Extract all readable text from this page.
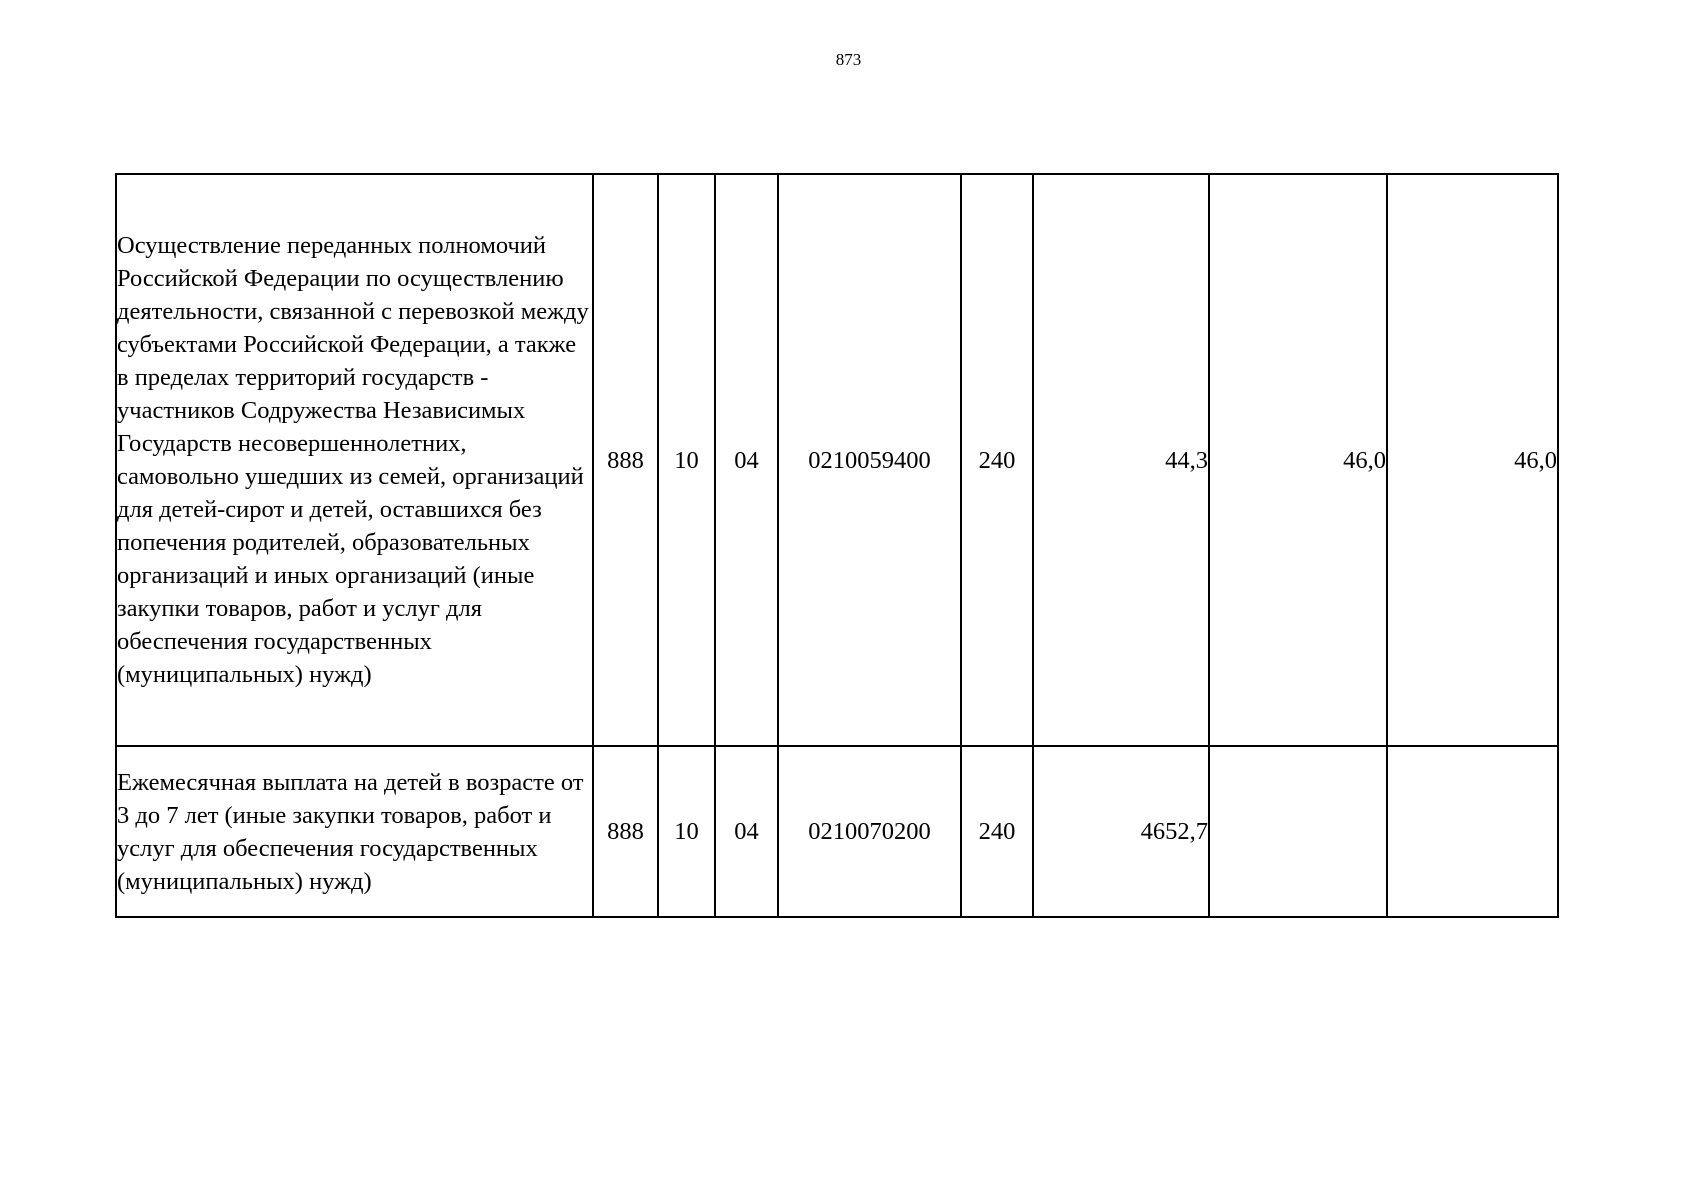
873
Осуществление переданных полномочий Российской Федерации по осуществлению деятельности, связанной с перевозкой между субъектами Российской Федерации, а также в пределах территорий государств - участников Содружества Независимых Государств несовершеннолетних, самовольно ушедших из семей, организаций для детей-сирот и детей, оставшихся без попечения родителей, образовательных организаций и иных организаций (иные закупки товаров, работ и услуг для обеспечения государственных (муниципальных) нужд)	888	10	04	0210059400	240	44,3	46,0	46,0
Ежемесячная выплата на детей в возрасте от 3 до 7 лет (иные закупки товаров, работ и услуг для обеспечения государственных (муниципальных) нужд)	888	10	04	0210070200	240	4652,7		
